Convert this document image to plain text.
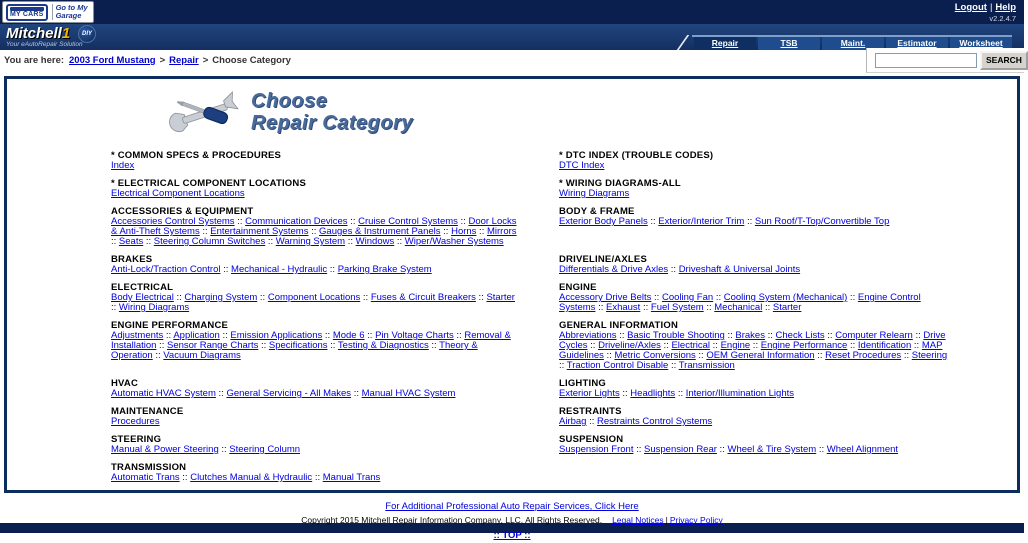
MY CARS
Go to My Garage
Logout | Help
v2.2.4.7
Mitchell1
Your eAutoRepair Solution
DIY
Repair	TSB	Maint.	Estimator	Worksheet
You are here: 2003 Ford Mustang > Repair > Choose Category	SEARCH
Choose
Repair Category
* COMMON SPECS & PROCEDURES
Index
* DTC INDEX (TROUBLE CODES)
DTC Index
* ELECTRICAL COMPONENT LOCATIONS
Electrical Component Locations
* WIRING DIAGRAMS-ALL
Wiring Diagrams
ACCESSORIES & EQUIPMENT
Accessories Control Systems :: Communication Devices :: Cruise Control Systems :: Door Locks & Anti-Theft Systems :: Entertainment Systems :: Gauges & Instrument Panels :: Horns :: Mirrors :: Seats :: Steering Column Switches :: Warning System :: Windows :: Wiper/Washer Systems
BODY & FRAME
Exterior Body Panels :: Exterior/Interior Trim :: Sun Roof/T-Top/Convertible Top
BRAKES
Anti-Lock/Traction Control :: Mechanical - Hydraulic :: Parking Brake System
DRIVELINE/AXLES
Differentials & Drive Axles :: Driveshaft & Universal Joints
ELECTRICAL
Body Electrical :: Charging System :: Component Locations :: Fuses & Circuit Breakers :: Starter :: Wiring Diagrams
ENGINE
Accessory Drive Belts :: Cooling Fan :: Cooling System (Mechanical) :: Engine Control Systems :: Exhaust :: Fuel System :: Mechanical :: Starter
ENGINE PERFORMANCE
Adjustments :: Application :: Emission Applications :: Mode 6 :: Pin Voltage Charts :: Removal & Installation :: Sensor Range Charts :: Specifications :: Testing & Diagnostics :: Theory & Operation :: Vacuum Diagrams
GENERAL INFORMATION
Abbreviations :: Basic Trouble Shooting :: Brakes :: Check Lists :: Computer Relearn :: Drive Cycles :: Driveline/Axles :: Electrical :: Engine :: Engine Performance :: Identification :: MAP Guidelines :: Metric Conversions :: OEM General Information :: Reset Procedures :: Steering :: Traction Control Disable :: Transmission
HVAC
Automatic HVAC System :: General Servicing - All Makes :: Manual HVAC System
LIGHTING
Exterior Lights :: Headlights :: Interior/Illumination Lights
MAINTENANCE
Procedures
RESTRAINTS
Airbag :: Restraints Control Systems
STEERING
Manual & Power Steering :: Steering Column
SUSPENSION
Suspension Front :: Suspension Rear :: Wheel & Tire System :: Wheel Alignment
TRANSMISSION
Automatic Trans :: Clutches Manual & Hydraulic :: Manual Trans
For Additional Professional Auto Repair Services, Click Here
Copyright 2015 Mitchell Repair Information Company, LLC. All Rights Reserved. Legal Notices | Privacy Policy
:: TOP ::
